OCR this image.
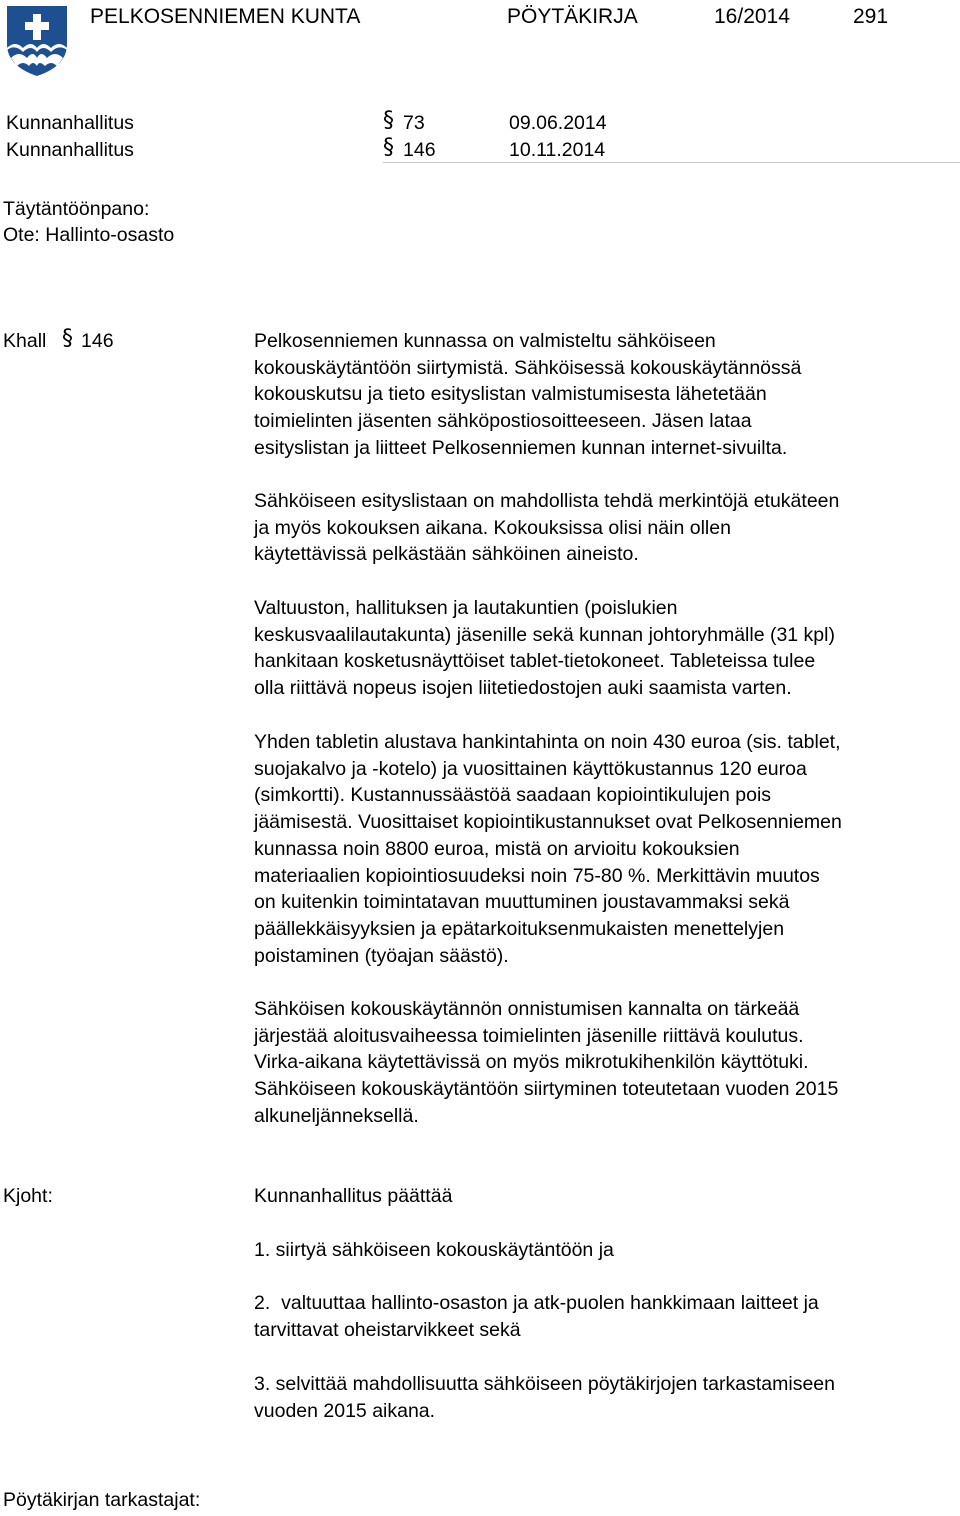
PELKOSENNIEMEN KUNTA	PÖYTÄKIRJA	16/2014	291
Kunnanhallitus	§ 73	09.06.2014
Kunnanhallitus	§ 146	10.11.2014
Täytäntöönpano:
Ote: Hallinto-osasto
Khall § 146	Pelkosenniemen kunnassa on valmisteltu sähköiseen
kokouskäytäntöön siirtymistä. Sähköisessä kokouskäytännössä
kokouskutsu ja tieto esityslistan valmistumisesta lähetetään
toimielinten jäsenten sähköpostiosoitteeseen. Jäsen lataa
esityslistan ja liitteet Pelkosenniemen kunnan internet-sivuilta.
Sähköiseen esityslistaan on mahdollista tehdä merkintöjä etukäteen
ja myös kokouksen aikana. Kokouksissa olisi näin ollen
käytettävissä pelkästään sähköinen aineisto.
Valtuuston, hallituksen ja lautakuntien (poislukien
keskusvaalilautakunta) jäsenille sekä kunnan johtoryhmälle (31 kpl)
hankitaan kosketusnäyttöiset tablet-tietokoneet. Tableteissa tulee
olla riittävä nopeus isojen liitetiedostojen auki saamista varten.
Yhden tabletin alustava hankintahinta on noin 430 euroa (sis. tablet,
suojakalvo ja -kotelo) ja vuosittainen käyttökustannus 120 euroa
(simkortti). Kustannussäästöä saadaan kopiointikulujen pois
jäämisestä. Vuosittaiset kopiointikustannukset ovat Pelkosenniemen
kunnassa noin 8800 euroa, mistä on arvioitu kokouksien
materiaalien kopiointiosuudeksi noin 75-80 %. Merkittävin muutos
on kuitenkin toimintatavan muuttuminen joustavammaksi sekä
päällekkäisyyksien ja epätarkoituksenmukaisten menettelyjen
poistaminen (työajan säästö).
Sähköisen kokouskäytännön onnistumisen kannalta on tärkeää
järjestää aloitusvaiheessa toimielinten jäsenille riittävä koulutus.
Virka-aikana käytettävissä on myös mikrotukihenkilön käyttötuki.
Sähköiseen kokouskäytäntöön siirtyminen toteutetaan vuoden 2015
alkuneljänneksellä.
Kjoht:	Kunnanhallitus päättää
1. siirtyä sähköiseen kokouskäytäntöön ja
2.  valtuuttaa hallinto-osaston ja atk-puolen hankkimaan laitteet ja
tarvittavat oheistarvikkeet sekä
3. selvittää mahdollisuutta sähköiseen pöytäkirjojen tarkastamiseen
vuoden 2015 aikana.
Pöytäkirjan tarkastajat:
